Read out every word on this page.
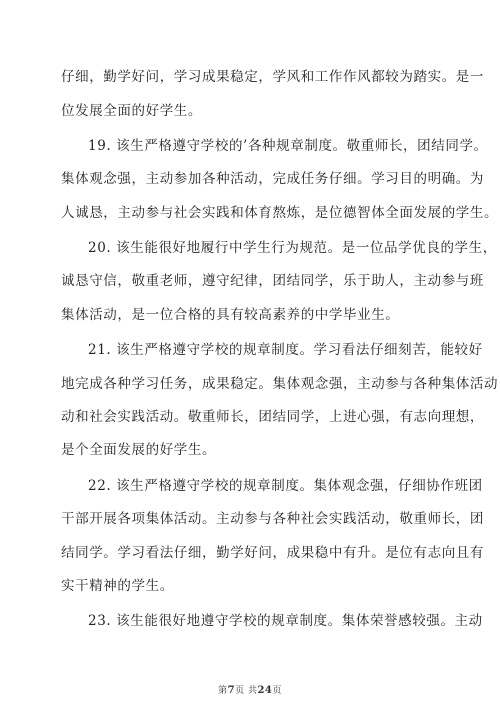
仔细，勤学好问，学习成果稳定，学风和工作作风都较为踏实。是一
位发展全面的好学生。
19. 该生严格遵守学校的’各种规章制度。敬重师长，团结同学。
集体观念强，主动参加各种活动，完成任务仔细。学习目的明确。为
人诚恳，主动参与社会实践和体育熬炼，是位德智体全面发展的学生。
20. 该生能很好地履行中学生行为规范。是一位品学优良的学生，
诚恳守信，敬重老师，遵守纪律，团结同学，乐于助人，主动参与班
集体活动，是一位合格的具有较高素养的中学毕业生。
21. 该生严格遵守学校的规章制度。学习看法仔细刻苦，能较好
地完成各种学习任务，成果稳定。集体观念强，主动参与各种集体活动
动和社会实践活动。敬重师长，团结同学，上进心强，有志向理想，
是个全面发展的好学生。
22. 该生严格遵守学校的规章制度。集体观念强，仔细协作班团
干部开展各项集体活动。主动参与各种社会实践活动，敬重师长，团
结同学。学习看法仔细，勤学好问，成果稳中有升。是位有志向且有
实干精神的学生。
23. 该生能很好地遵守学校的规章制度。集体荣誉感较强。主动
第7页 共24页
